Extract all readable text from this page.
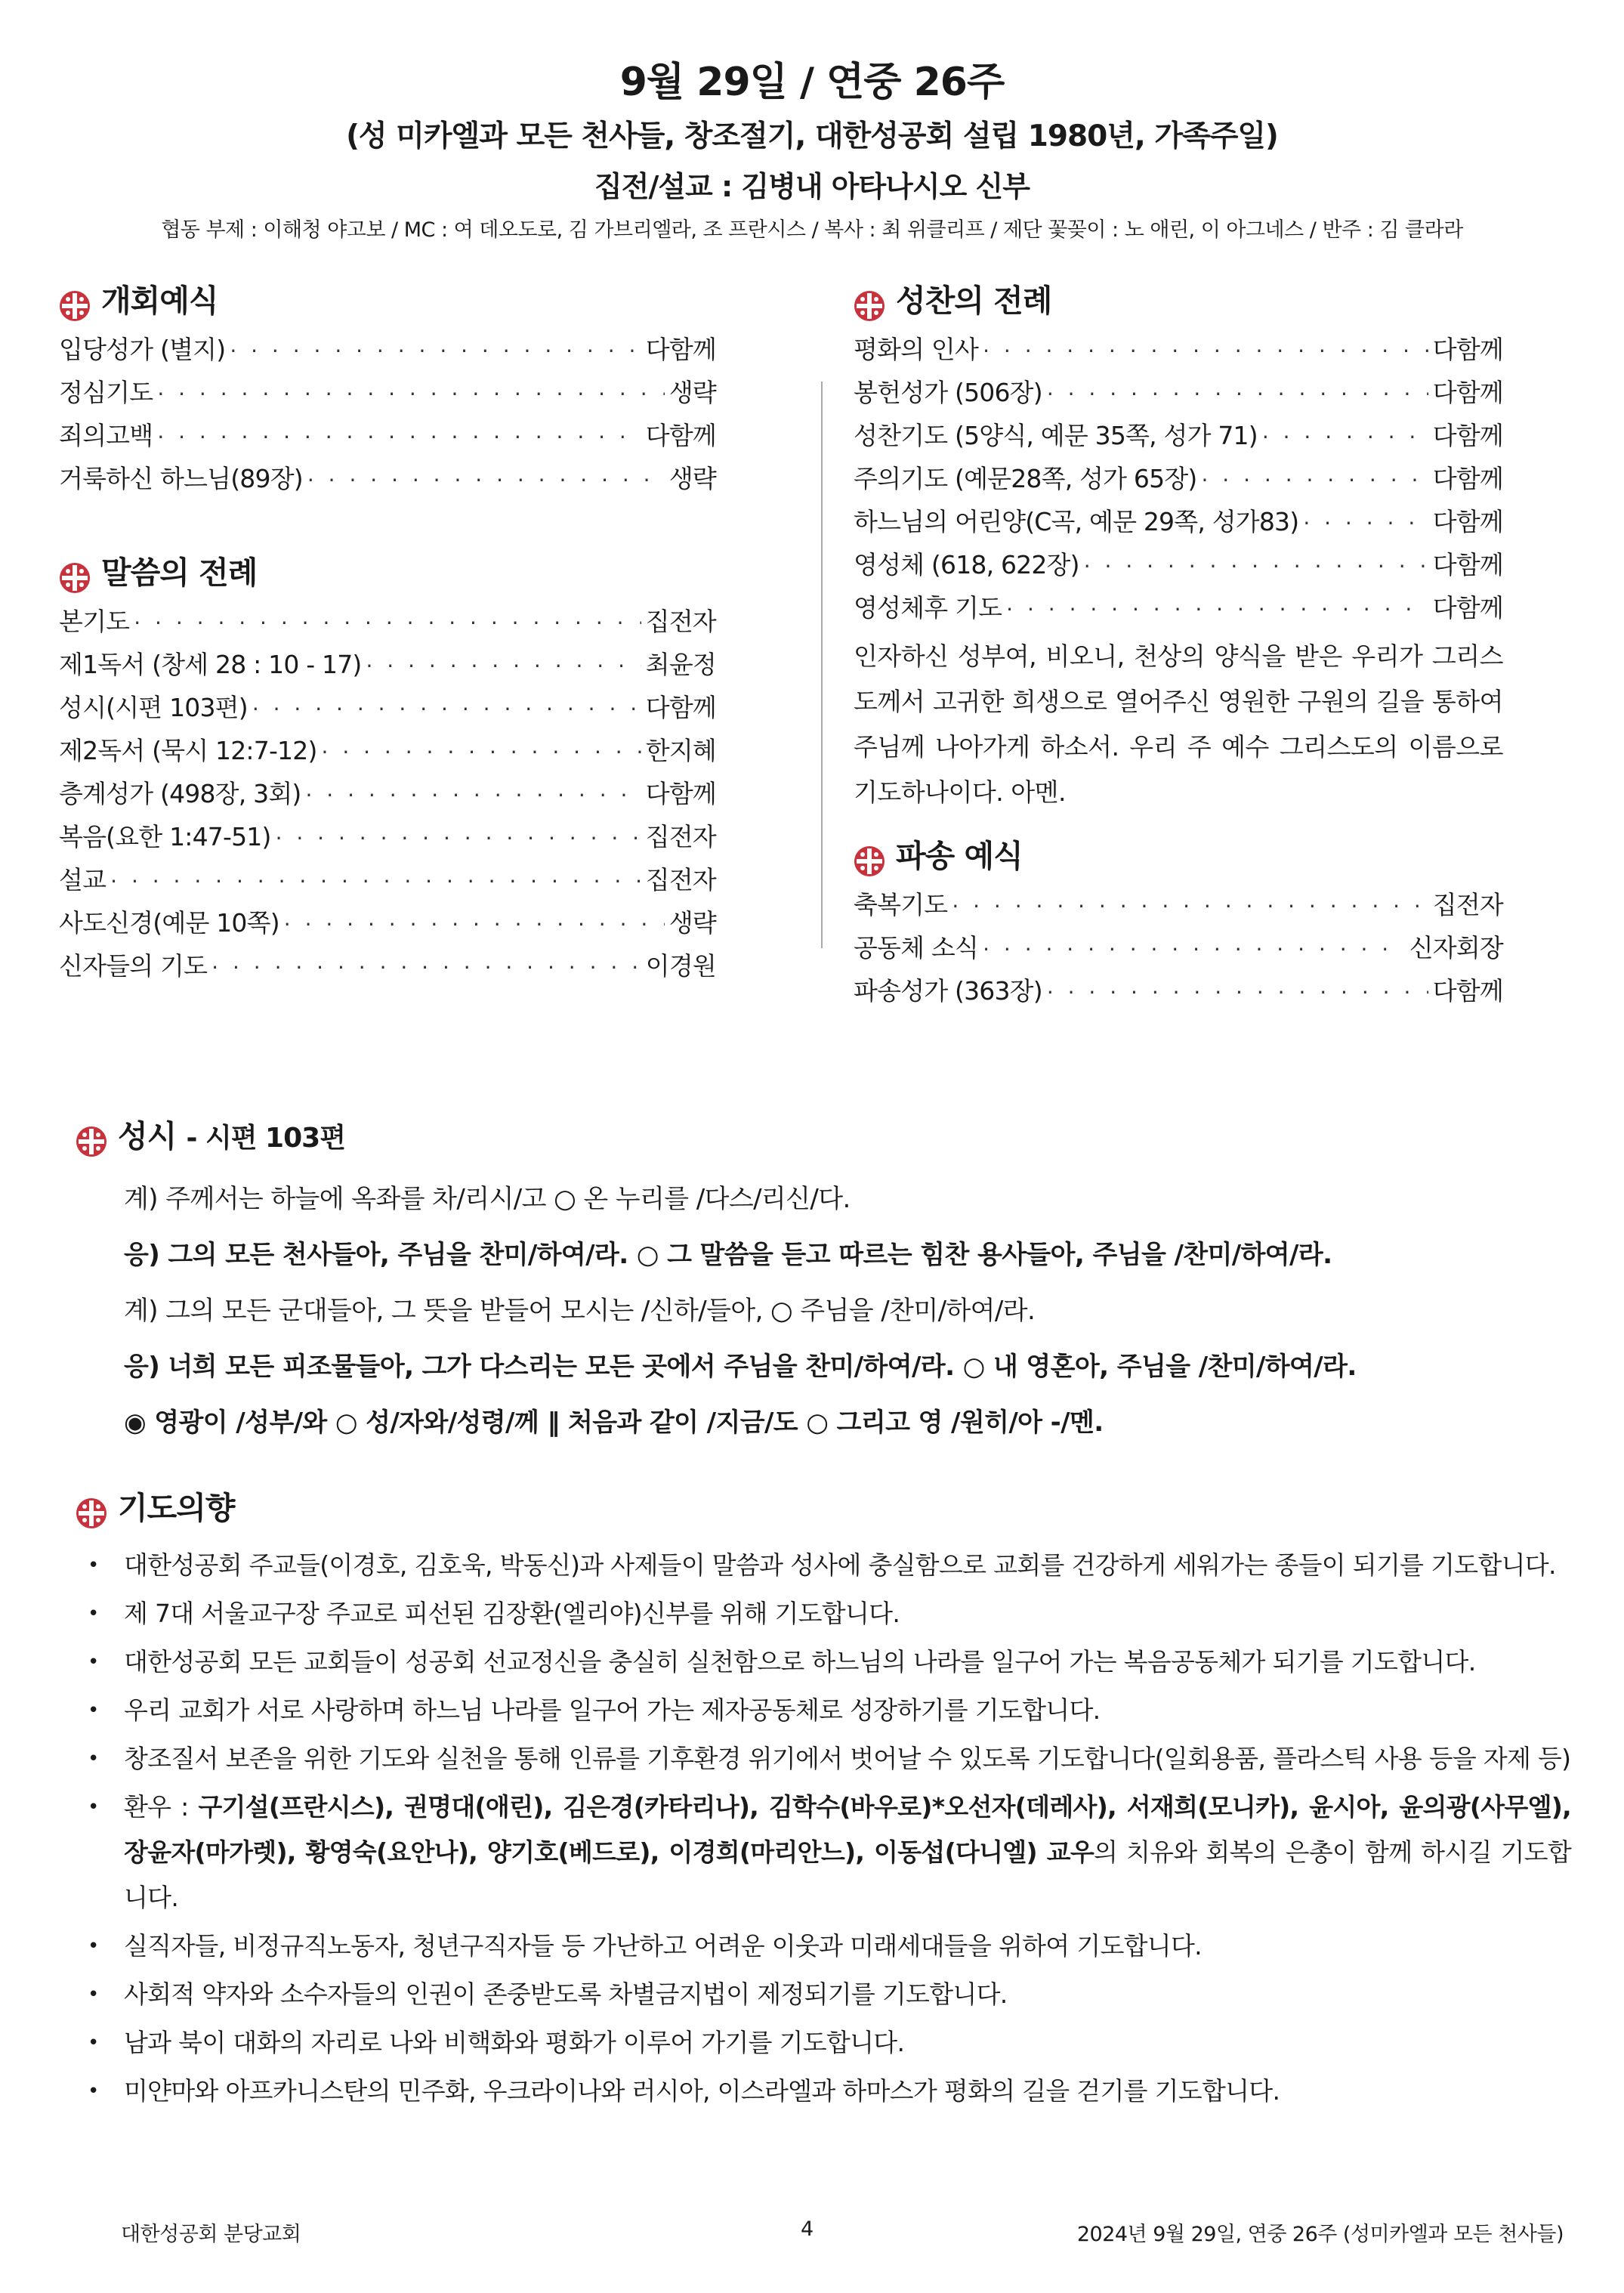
9월 29일 / 연중 26주

(성 미카엘과 모든 천사들, 창조절기, 대한성공회 설립 1980년, 가족주일)

집전/설교 : 김병내 아타나시오 신부

협동 부제 : 이해청 야고보 / MC : 여 데오도로, 김 가브리엘라, 조 프란시스 / 복사 : 최 위클리프 / 제단 꽃꽂이 : 노 애린, 이 아그네스 / 반주 : 김 클라라

개회예식
입당성가 (별지) · · ·	다함께
정심기도 · · ·	생략
죄의고백 · · ·	다함께
거룩하신 하느님(89장) · · ·	생략
말씀의 전례
본기도 · · ·	집전자
제1독서 (창세 28 : 10 - 17) · · ·	최윤정
성시(시편 103편) · · ·	다함께
제2독서 (묵시 12:7-12) · · ·	한지혜
층계성가 (498장, 3회) · · ·	다함께
복음(요한 1:47-51) · · ·	집전자
설교 · · ·	집전자
사도신경(예문 10쪽) · · ·	생략
신자들의 기도 · · ·	이경원
성찬의 전례
평화의 인사 · · ·	다함께
봉헌성가 (506장) · · ·	다함께
성찬기도 (5양식, 예문 35쪽, 성가 71) · · ·	다함께
주의기도 (예문28쪽, 성가 65장) · · ·	다함께
하느님의 어린양(C곡, 예문 29쪽, 성가83) · · ·	다함께
영성체 (618, 622장) · · ·	다함께
영성체후 기도 · · ·	다함께
인자하신 성부여, 비오니, 천상의 양식을 받은 우리가 그리스도께서 고귀한 희생으로 열어주신 영원한 구원의 길을 통하여 주님께 나아가게 하소서. 우리 주 예수 그리스도의 이름으로 기도하나이다. 아멘.
파송 예식
축복기도 · · ·	집전자
공동체 소식 · · ·	신자회장
파송성가 (363장) · · ·	다함께
성시 - 시편 103편
계) 주께서는 하늘에 옥좌를 차/리시/고 ○ 온 누리를 /다스/리신/다.
응) 그의 모든 천사들아, 주님을 찬미/하여/라. ○ 그 말씀을 듣고 따르는 힘찬 용사들아, 주님을 /찬미/하여/라.
계) 그의 모든 군대들아, 그 뜻을 받들어 모시는 /신하/들아, ○ 주님을 /찬미/하여/라.
응) 너희 모든 피조물들아, 그가 다스리는 모든 곳에서 주님을 찬미/하여/라. ○ 내 영혼아, 주님을 /찬미/하여/라.
◉ 영광이 /성부/와 ○ 성/자와/성령/께 ‖ 처음과 같이 /지금/도 ○ 그리고 영 /원히/아 -/멘.
기도의향
• 대한성공회 주교들(이경호, 김호욱, 박동신)과 사제들이 말씀과 성사에 충실함으로 교회를 건강하게 세워가는 종들이 되기를 기도합니다.
• 제 7대 서울교구장 주교로 피선된 김장환(엘리야)신부를 위해 기도합니다.
• 대한성공회 모든 교회들이 성공회 선교정신을 충실히 실천함으로 하느님의 나라를 일구어 가는 복음공동체가 되기를 기도합니다.
• 우리 교회가 서로 사랑하며 하느님 나라를 일구어 가는 제자공동체로 성장하기를 기도합니다.
• 창조질서 보존을 위한 기도와 실천을 통해 인류를 기후환경 위기에서 벗어날 수 있도록 기도합니다(일회용품, 플라스틱 사용 등을 자제 등)
• 환우 : 구기설(프란시스), 권명대(애린), 김은경(카타리나), 김학수(바우로)*오선자(데레사), 서재희(모니카), 윤시아, 윤의광(사무엘), 장윤자(마가렛), 황영숙(요안나), 양기호(베드로), 이경희(마리안느), 이동섭(다니엘) 교우의 치유와 회복의 은총이 함께 하시길 기도합니다.
• 실직자들, 비정규직노동자, 청년구직자들 등 가난하고 어려운 이웃과 미래세대들을 위하여 기도합니다.
• 사회적 약자와 소수자들의 인권이 존중받도록 차별금지법이 제정되기를 기도합니다.
• 남과 북이 대화의 자리로 나와 비핵화와 평화가 이루어 가기를 기도합니다.
• 미얀마와 아프카니스탄의 민주화, 우크라이나와 러시아, 이스라엘과 하마스가 평화의 길을 걷기를 기도합니다.
대한성공회 분당교회	4	2024년 9월 29일, 연중 26주 (성미카엘과 모든 천사들)
